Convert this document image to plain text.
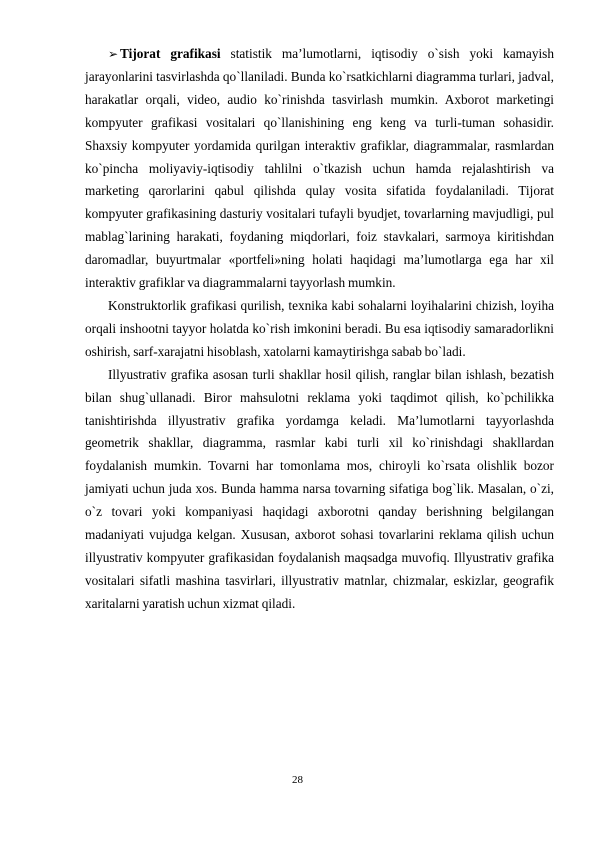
➢ Tijorat grafikasi statistik ma’lumotlarni, iqtisodiy o`sish yoki kamayish jarayonlarini tasvirlashda qo`llaniladi. Bunda ko`rsatkichlarni diagramma turlari, jadval, harakatlar orqali, video, audio ko`rinishda tasvirlash mumkin. Axborot marketingi kompyuter grafikasi vositalari qo`llanishining eng keng va turli-tuman sohasidir. Shaxsiy kompyuter yordamida qurilgan interaktiv grafiklar, diagrammalar, rasmlardan ko`pincha moliyaviy-iqtisodiy tahlilni o`tkazish uchun hamda rejalashtirish va marketing qarorlarini qabul qilishda qulay vosita sifatida foydalaniladi. Tijorat kompyuter grafikasining dasturiy vositalari tufayli byudjet, tovarlarning mavjudligi, pul mablag`larining harakati, foydaning miqdorlari, foiz stavkalari, sarmoya kiritishdan daromadlar, buyurtmalar «portfeli»ning holati haqidagi ma’lumotlarga ega har xil interaktiv grafiklar va diagrammalarni tayyorlash mumkin.

Konstruktorlik grafikasi qurilish, texnika kabi sohalarni loyihalarini chizish, loyiha orqali inshootni tayyor holatda ko`rish imkonini beradi. Bu esa iqtisodiy samaradorlikni oshirish, sarf-xarajatni hisoblash, xatolarni kamaytirishga sabab bo`ladi.

Illyustrativ grafika asosan turli shakllar hosil qilish, ranglar bilan ishlash, bezatish bilan shug`ullanadi. Biror mahsulotni reklama yoki taqdimot qilish, ko`pchilikka tanishtirishda illyustrativ grafika yordamga keladi. Ma’lumotlarni tayyorlashda geometrik shakllar, diagramma, rasmlar kabi turli xil ko`rinishdagi shakllardan foydalanish mumkin. Tovarni har tomonlama mos, chiroyli ko`rsata olishlik bozor jamiyati uchun juda xos. Bunda hamma narsa tovarning sifatiga bog`lik. Masalan, o`zi, o`z tovari yoki kompaniyasi haqidagi axborotni qanday berishning belgilangan madaniyati vujudga kelgan. Xususan, axborot sohasi tovarlarini reklama qilish uchun illyustrativ kompyuter grafikasidan foydalanish maqsadga muvofiq. Illyustrativ grafika vositalari sifatli mashina tasvirlari, illyustrativ matnlar, chizmalar, eskizlar, geografik xaritalarni yaratish uchun xizmat qiladi.

28
